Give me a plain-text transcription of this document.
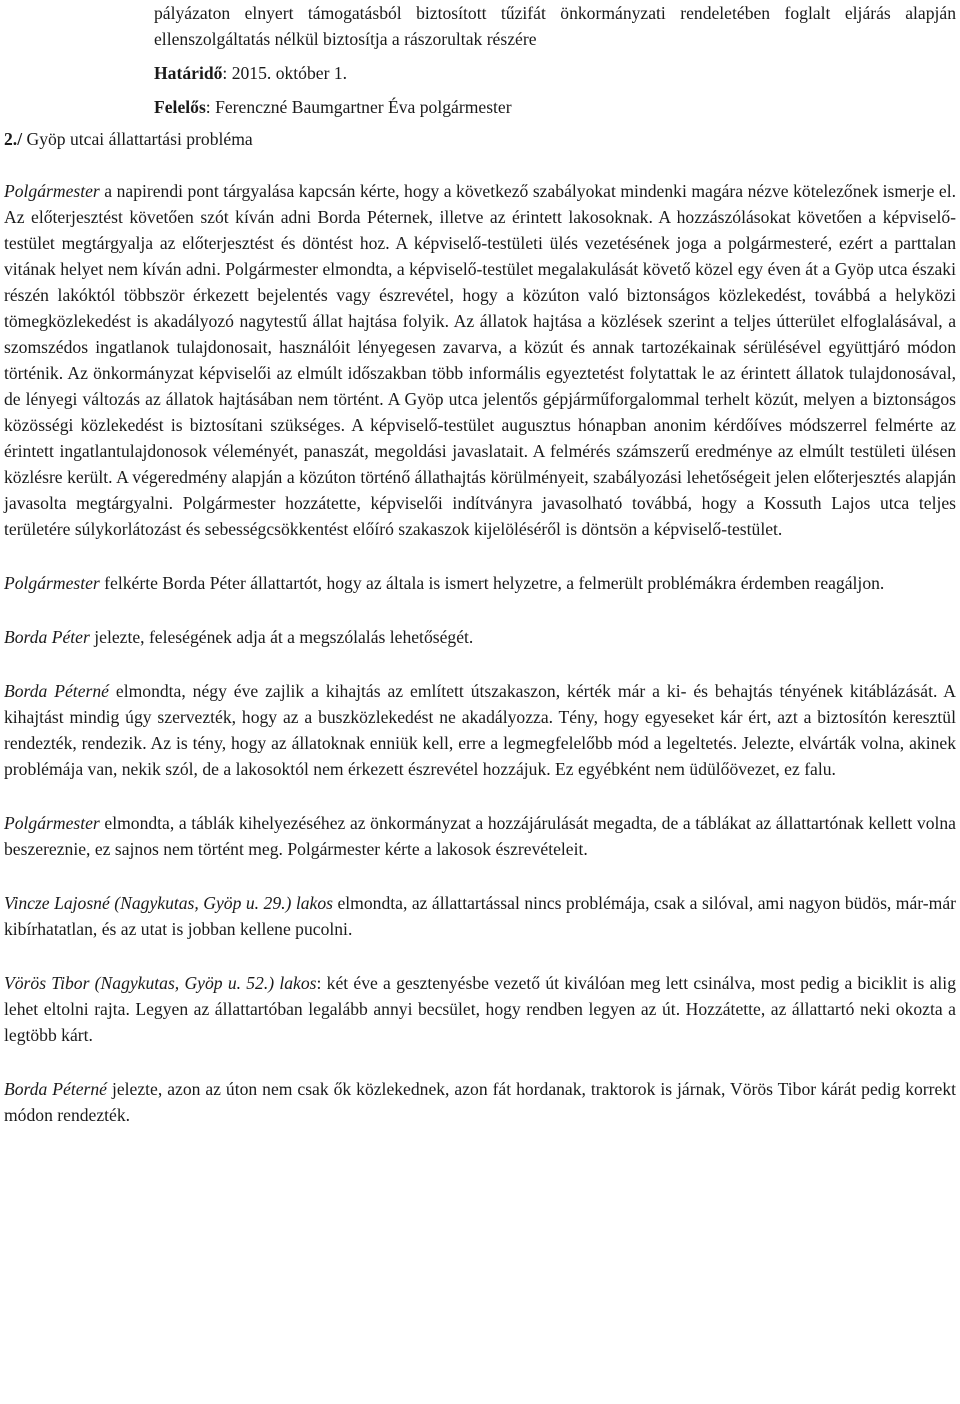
pályázaton elnyert támogatásból biztosított tűzifát önkormányzati rendeletében foglalt eljárás alapján ellenszolgáltatás nélkül biztosítja a rászorultak részére

Határidő: 2015. október 1.

Felelős: Ferenczné Baumgartner Éva polgármester

2./ Gyöp utcai állattartási probléma

Polgármester a napirendi pont tárgyalása kapcsán kérte, hogy a következő szabályokat mindenki magára nézve kötelezőnek ismerje el. Az előterjesztést követően szót kíván adni Borda Péternek, illetve az érintett lakosoknak. A hozzászólásokat követően a képviselő-testület megtárgyalja az előterjesztést és döntést hoz. A képviselő-testületi ülés vezetésének joga a polgármesteré, ezért a parttalan vitának helyet nem kíván adni. Polgármester elmondta, a képviselő-testület megalakulását követő közel egy éven át a Gyöp utca északi részén lakóktól többször érkezett bejelentés vagy észrevétel, hogy a közúton való biztonságos közlekedést, továbbá a helyközi tömegközlekedést is akadályozó nagytestű állat hajtása folyik. Az állatok hajtása a közlések szerint a teljes útterület elfoglalásával, a szomszédos ingatlanok tulajdonosait, használóit lényegesen zavarva, a közút és annak tartozékainak sérülésével együttjáró módon történik. Az önkormányzat képviselői az elmúlt időszakban több informális egyeztetést folytattak le az érintett állatok tulajdonosával, de lényegi változás az állatok hajtásában nem történt. A Gyöp utca jelentős gépjárműforgalommal terhelt közút, melyen a biztonságos közösségi közlekedést is biztosítani szükséges. A képviselő-testület augusztus hónapban anonim kérdőíves módszerrel felmérte az érintett ingatlantulajdonosok véleményét, panaszát, megoldási javaslatait. A felmérés számszerű eredménye az elmúlt testületi ülésen közlésre került. A végeredmény alapján a közúton történő állathajtás körülményeit, szabályozási lehetőségeit jelen előterjesztés alapján javasolta megtárgyalni. Polgármester hozzátette, képviselői indítványra javasolható továbbá, hogy a Kossuth Lajos utca teljes területére súlykorlátozást és sebességcsökkentést előíró szakaszok kijelöléséről is döntsön a képviselő-testület.

Polgármester felkérte Borda Péter állattartót, hogy az általa is ismert helyzetre, a felmerült problémákra érdemben reagáljon.

Borda Péter jelezte, feleségének adja át a megszólalás lehetőségét.

Borda Péterné elmondta, négy éve zajlik a kihajtás az említett útszakaszon, kérték már a ki- és behajtás tényének kitáblázását. A kihajtást mindig úgy szervezték, hogy az a buszközlekedést ne akadályozza. Tény, hogy egyeseket kár ért, azt a biztosítón keresztül rendezték, rendezik. Az is tény, hogy az állatoknak enniük kell, erre a legmegfelelőbb mód a legeltetés. Jelezte, elvárták volna, akinek problémája van, nekik szól, de a lakosoktól nem érkezett észrevétel hozzájuk. Ez egyébként nem üdülőövezet, ez falu.

Polgármester elmondta, a táblák kihelyezéséhez az önkormányzat a hozzájárulását megadta, de a táblákat az állattartónak kellett volna beszereznie, ez sajnos nem történt meg. Polgármester kérte a lakosok észrevételeit.

Vincze Lajosné (Nagykutas, Gyöp u. 29.) lakos elmondta, az állattartással nincs problémája, csak a silóval, ami nagyon büdös, már-már kibírhatatlan, és az utat is jobban kellene pucolni.

Vörös Tibor (Nagykutas, Gyöp u. 52.) lakos: két éve a gesztenyésbe vezető út kiválóan meg lett csinálva, most pedig a biciklit is alig lehet eltolni rajta. Legyen az állattartóban legalább annyi becsület, hogy rendben legyen az út. Hozzátette, az állattartó neki okozta a legtöbb kárt.

Borda Péterné jelezte, azon az úton nem csak ők közlekednek, azon fát hordanak, traktorok is járnak, Vörös Tibor kárát pedig korrekt módon rendezték.
